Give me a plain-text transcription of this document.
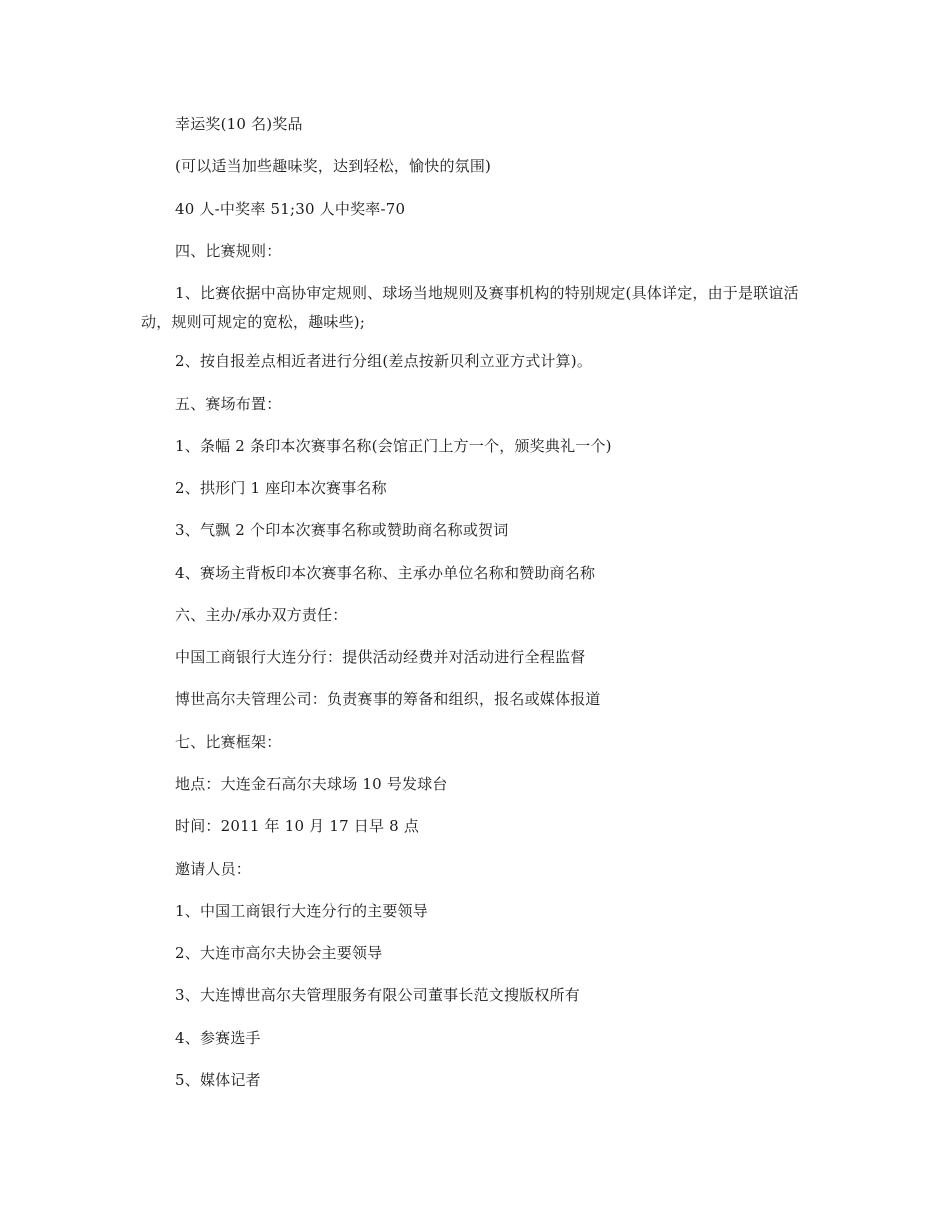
幸运奖(10 名)奖品
(可以适当加些趣味奖，达到轻松，愉快的氛围)
40 人-中奖率 51;30 人中奖率-70
四、比赛规则：
1、比赛依据中高协审定规则、球场当地规则及赛事机构的特别规定(具体详定，由于是联谊活动，规则可规定的宽松，趣味些);
2、按自报差点相近者进行分组(差点按新贝利立亚方式计算)。
五、赛场布置：
1、条幅 2 条印本次赛事名称(会馆正门上方一个，颁奖典礼一个)
2、拱形门 1 座印本次赛事名称
3、气飘 2 个印本次赛事名称或赞助商名称或贺词
4、赛场主背板印本次赛事名称、主承办单位名称和赞助商名称
六、主办/承办双方责任：
中国工商银行大连分行：提供活动经费并对活动进行全程监督
博世高尔夫管理公司：负责赛事的筹备和组织，报名或媒体报道
七、比赛框架：
地点：大连金石高尔夫球场 10 号发球台
时间：2011 年 10 月 17 日早 8 点
邀请人员：
1、中国工商银行大连分行的主要领导
2、大连市高尔夫协会主要领导
3、大连博世高尔夫管理服务有限公司董事长范文搜版权所有
4、参赛选手
5、媒体记者
